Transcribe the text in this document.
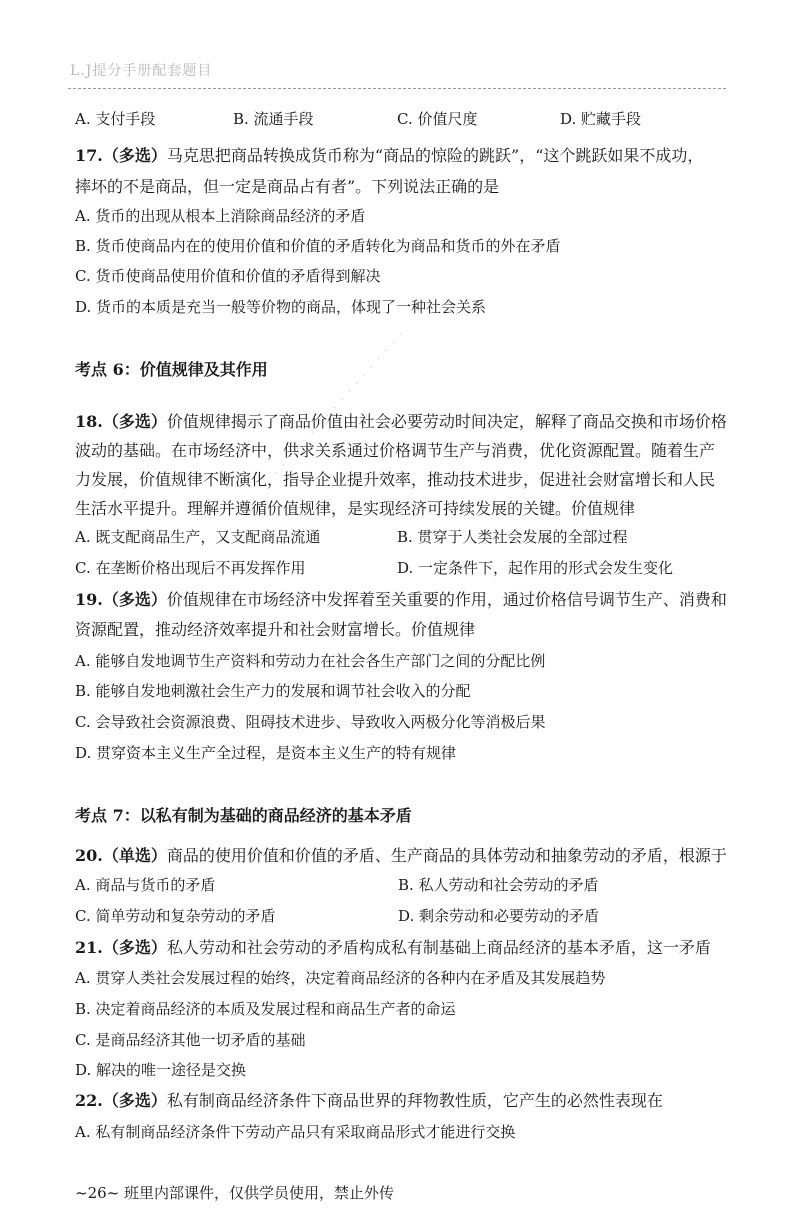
L.J提分手册配套题目
· · · · · · · · · · · · · · · · · ·
A. 支付手段	B. 流通手段	C. 价值尺度	D. 贮藏手段
17.（多选）马克思把商品转换成货币称为“商品的惊险的跳跃”，“这个跳跃如果不成功，
摔坏的不是商品，但一定是商品占有者”。下列说法正确的是
A. 货币的出现从根本上消除商品经济的矛盾
B. 货币使商品内在的使用价值和价值的矛盾转化为商品和货币的外在矛盾
C. 货币使商品使用价值和价值的矛盾得到解决
D. 货币的本质是充当一般等价物的商品，体现了一种社会关系
考点 6：价值规律及其作用
18.（多选）价值规律揭示了商品价值由社会必要劳动时间决定，解释了商品交换和市场价格
波动的基础。在市场经济中，供求关系通过价格调节生产与消费，优化资源配置。随着生产
力发展，价值规律不断演化，指导企业提升效率，推动技术进步，促进社会财富增长和人民
生活水平提升。理解并遵循价值规律，是实现经济可持续发展的关键。价值规律
A. 既支配商品生产，又支配商品流通	B. 贯穿于人类社会发展的全部过程
C. 在垄断价格出现后不再发挥作用	D. 一定条件下，起作用的形式会发生变化
19.（多选）价值规律在市场经济中发挥着至关重要的作用，通过价格信号调节生产、消费和
资源配置，推动经济效率提升和社会财富增长。价值规律
A. 能够自发地调节生产资料和劳动力在社会各生产部门之间的分配比例
B. 能够自发地刺激社会生产力的发展和调节社会收入的分配
C. 会导致社会资源浪费、阻碍技术进步、导致收入两极分化等消极后果
D. 贯穿资本主义生产全过程，是资本主义生产的特有规律
考点 7：以私有制为基础的商品经济的基本矛盾
20.（单选）商品的使用价值和价值的矛盾、生产商品的具体劳动和抽象劳动的矛盾，根源于
A. 商品与货币的矛盾	B. 私人劳动和社会劳动的矛盾
C. 简单劳动和复杂劳动的矛盾	D. 剩余劳动和必要劳动的矛盾
21.（多选）私人劳动和社会劳动的矛盾构成私有制基础上商品经济的基本矛盾，这一矛盾
A. 贯穿人类社会发展过程的始终，决定着商品经济的各种内在矛盾及其发展趋势
B. 决定着商品经济的本质及发展过程和商品生产者的命运
C. 是商品经济其他一切矛盾的基础
D. 解决的唯一途径是交换
22.（多选）私有制商品经济条件下商品世界的拜物教性质，它产生的必然性表现在
A. 私有制商品经济条件下劳动产品只有采取商品形式才能进行交换
~26~ 班里内部课件，仅供学员使用，禁止外传
